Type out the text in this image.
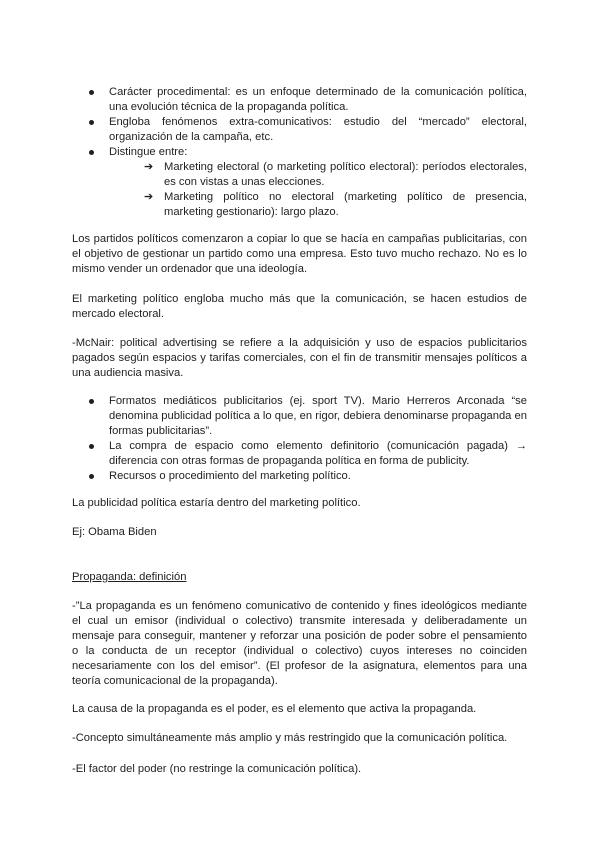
Carácter procedimental: es un enfoque determinado de la comunicación política, una evolución técnica de la propaganda política.
Engloba fenómenos extra-comunicativos: estudio del “mercado” electoral, organización de la campaña, etc.
Distingue entre:
➔ Marketing electoral (o marketing político electoral): períodos electorales, es con vistas a unas elecciones.
➔ Marketing político no electoral (marketing político de presencia, marketing gestionario): largo plazo.

Los partidos políticos comenzaron a copiar lo que se hacía en campañas publicitarias, con el objetivo de gestionar un partido como una empresa. Esto tuvo mucho rechazo. No es lo mismo vender un ordenador que una ideología.

El marketing político engloba mucho más que la comunicación, se hacen estudios de mercado electoral.

-McNair: political advertising se refiere a la adquisición y uso de espacios publicitarios pagados según espacios y tarifas comerciales, con el fin de transmitir mensajes políticos a una audiencia masiva.

Formatos mediáticos publicitarios (ej. sport TV). Mario Herreros Arconada “se denomina publicidad política a lo que, en rigor, debiera denominarse propaganda en formas publicitarias”.
La compra de espacio como elemento definitorio (comunicación pagada) → diferencia con otras formas de propaganda política en forma de publicity.
Recursos o procedimiento del marketing político.

La publicidad política estaría dentro del marketing político.

Ej: Obama Biden

Propaganda: definición

-”La propaganda es un fenómeno comunicativo de contenido y fines ideológicos mediante el cual un emisor (individual o colectivo) transmite interesada y deliberadamente un mensaje para conseguir, mantener y reforzar una posición de poder sobre el pensamiento o la conducta de un receptor (individual o colectivo) cuyos intereses no coinciden necesariamente con los del emisor”. (El profesor de la asignatura, elementos para una teoría comunicacional de la propaganda).

La causa de la propaganda es el poder, es el elemento que activa la propaganda.

-Concepto simultáneamente más amplio y más restringido que la comunicación política.

-El factor del poder (no restringe la comunicación política).
